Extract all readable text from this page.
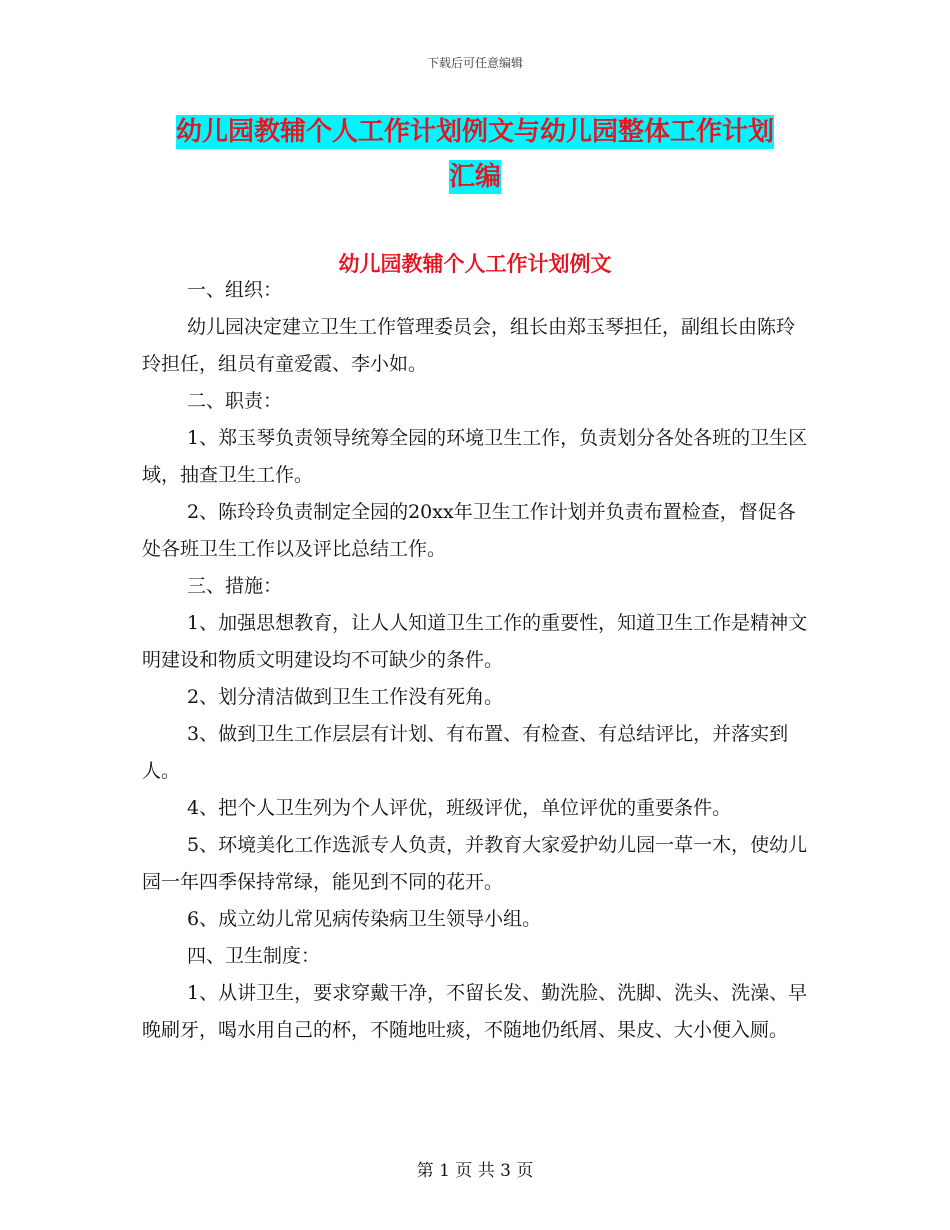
下载后可任意编辑
幼儿园教辅个人工作计划例文与幼儿园整体工作计划
汇编
幼儿园教辅个人工作计划例文

一、组织：

幼儿园决定建立卫生工作管理委员会，组长由郑玉琴担任，副组长由陈玲玲担任，组员有童爱霞、李小如。

二、职责：

1、郑玉琴负责领导统筹全园的环境卫生工作，负责划分各处各班的卫生区域，抽查卫生工作。

2、陈玲玲负责制定全园的20xx年卫生工作计划并负责布置检查，督促各处各班卫生工作以及评比总结工作。

三、措施：

1、加强思想教育，让人人知道卫生工作的重要性，知道卫生工作是精神文明建设和物质文明建设均不可缺少的条件。

2、划分清洁做到卫生工作没有死角。

3、做到卫生工作层层有计划、有布置、有检查、有总结评比，并落实到人。

4、把个人卫生列为个人评优，班级评优，单位评优的重要条件。

5、环境美化工作选派专人负责，并教育大家爱护幼儿园一草一木，使幼儿园一年四季保持常绿，能见到不同的花开。

6、成立幼儿常见病传染病卫生领导小组。

四、卫生制度：

1、从讲卫生，要求穿戴干净，不留长发、勤洗脸、洗脚、洗头、洗澡、早晚刷牙，喝水用自己的杯，不随地吐痰，不随地仍纸屑、果皮、大小便入厕。

第 1 页 共 3 页
